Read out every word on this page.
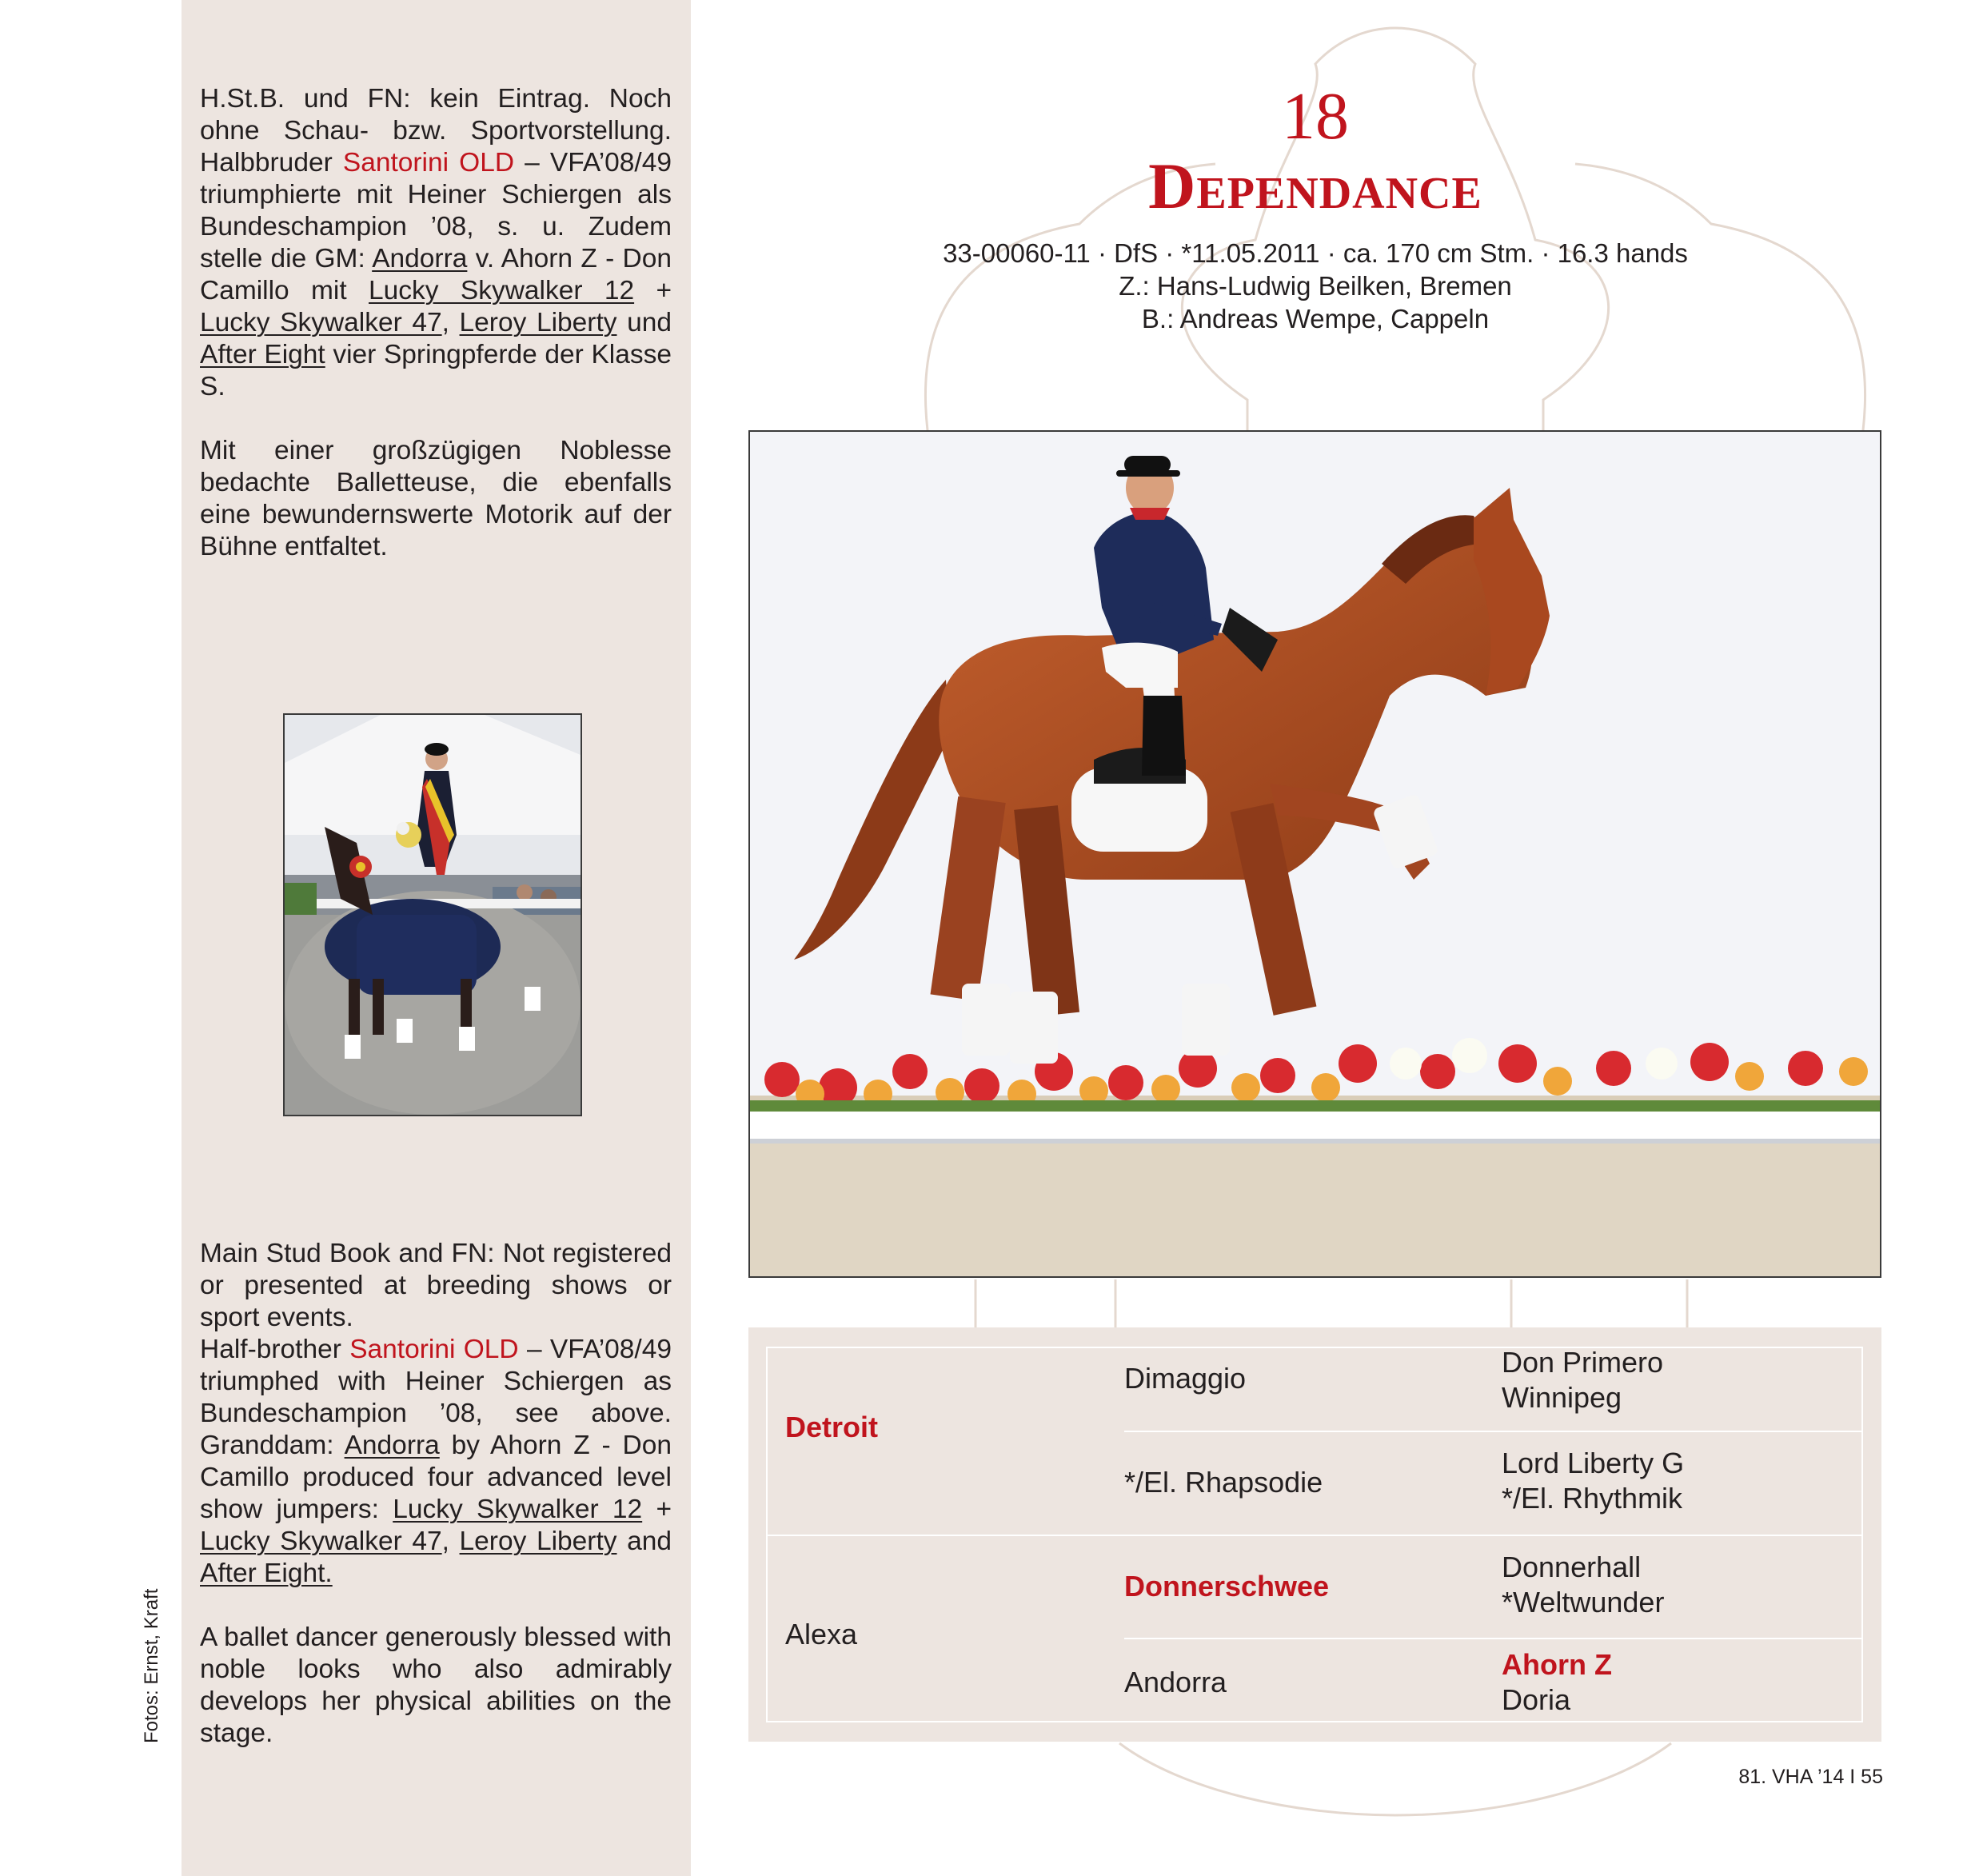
H.St.B. und FN: kein Eintrag. Noch ohne Schau- bzw. Sportvorstellung. Halbbruder Santorini OLD – VFA’08/49 triumphierte mit Heiner Schiergen als Bundeschampion ’08, s. u. Zudem stelle die GM: Andorra v. Ahorn Z - Don Camillo mit Lucky Skywalker 12 + Lucky Skywalker 47, Leroy Liberty und After Eight vier Springpferde der Klasse S.

Mit einer großzügigen Noblesse bedachte Balletteuse, die ebenfalls eine bewundernswerte Motorik auf der Bühne entfaltet.

Main Stud Book and FN: Not registered or presented at breeding shows or sport events.
Half-brother Santorini OLD – VFA’08/49 triumphed with Heiner Schiergen as Bundeschampion ’08, see above. Granddam: Andorra by Ahorn Z - Don Camillo produced four advanced level show jumpers: Lucky Skywalker 12 + Lucky Skywalker 47, Leroy Liberty and After Eight.

A ballet dancer generously blessed with noble looks who also admirably develops her physical abilities on the stage.

Fotos: Ernst, Kraft
18
DEPENDANCE
33-00060-11 · DfS · *11.05.2011 · ca. 170 cm Stm. · 16.3 hands
Z.: Hans-Ludwig Beilken, Bremen
B.: Andreas Wempe, Cappeln
Detroit
Alexa
Dimaggio
*/El. Rhapsodie
Donnerschwee
Andorra
Don Primero
Winnipeg
Lord Liberty G
*/El. Rhythmik
Donnerhall
*Weltwunder
Ahorn Z
Doria
81. VHA ’14 I 55
